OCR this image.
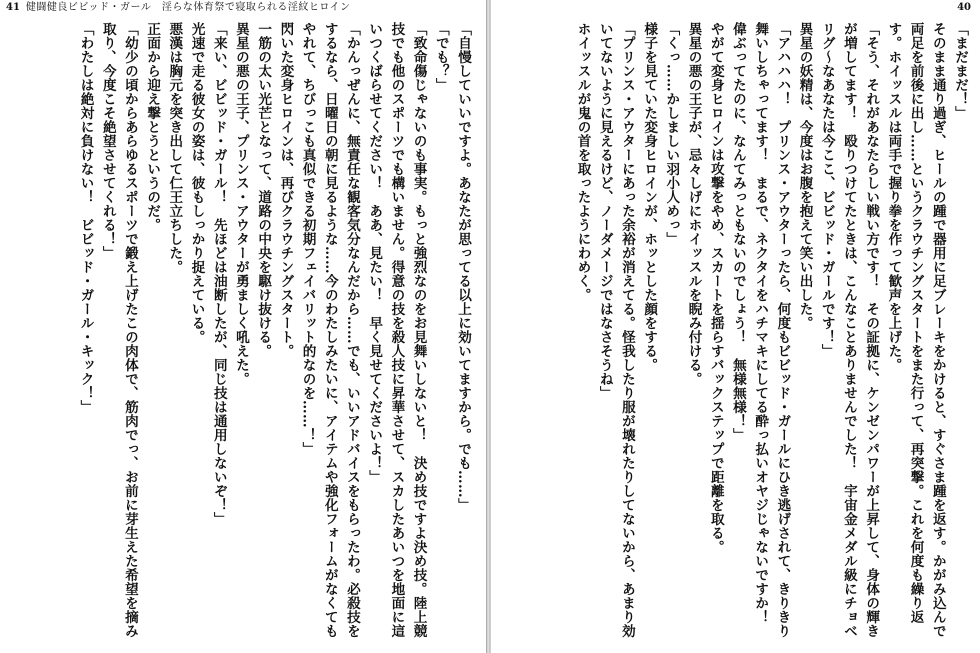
41 健闘健良ビビッド・ガール　淫らな体育祭で寝取られる淫紋ヒロイン

「自慢していいですよ。あなたが思ってる以上に効いてますから。でも……」

「でも？」

「致命傷じゃないのも事実。もっと強烈なのをお見舞いしないと！　決め技ですよ決め技。陸上競技でも他のスポーツでも構いません。得意の技を殺人技に昇華させて、スカしたあいつを地面に這いつくばらせてください！　ああ、見たい！　早く見せてくださいよ！」

「かんっぜんに、無責任な観客気分なんだから……でも、いいアドバイスをもらったわ。必殺技をするなら、日曜日の朝に見るような……今のわたしみたいに、アイテムや強化フォームがなくてもやれて、ちびっこも真似できる初期フェイバリット的なのを……！」

閃いた変身ヒロインは、再びクラウチングスタート。

一筋の太い光芒となって、道路の中央を駆け抜ける。

異星の悪の王子、プリンス・アウターが勇ましく吼えた。

「来い、ビビッド・ガール！　先ほどは油断したが、同じ技は通用しないぞ！」

光速で走る彼女の姿は、彼もしっかり捉えている。

悪漢は胸元を突き出して仁王立ちした。

正面から迎え撃とうというのだ。

「幼少の頃からあらゆるスポーツで鍛え上げたこの肉体で、筋肉でっ、お前に芽生えた希望を摘み取り、今度こそ絶望させてくれる！」

「わたしは絶対に負けない！　ビビッド・ガール・キック！」

40

「まだまだ！」

そのまま通り過ぎ、ヒールの踵で器用に足ブレーキをかけると、すぐさま踵を返す。かがみ込んで両足を前後に出し……というクラウチングスタートをまた行って、再突撃。これを何度も繰り返す。ホイッスルは両手で握り拳を作って歓声を上げた。

「そう、それがあなたらしい戦い方です！　その証拠に、ケンゼンパワーが上昇して、身体の輝きが増してます！　殴りつけてたときは、こんなことありませんでした！　宇宙金メダル級にチョベリグ～なあなたは今ここ、ビビッド・ガールです！」

異星の妖精は、今度はお腹を抱えて笑い出した。

「アハハハ！　プリンス・アウターったら、何度もビビッド・ガールにひき逃げされて、きりきり舞いしちゃってます！　まるで、ネクタイをハチマキにしてる酔っ払いオヤジじゃないですか！　偉ぶってたのに、なんてみっともないのでしょう！　無様無様！」

やがて変身ヒロインは攻撃をやめ、スカートを揺らすバックステップで距離を取る。

異星の悪の王子が、忌々しげにホイッスルを睨み付ける。

「くっ……かしましい羽小人めっ」

様子を見ていた変身ヒロインが、ホッとした顔をする。

「プリンス・アウターにあった余裕が消えてる。怪我したり服が壊れたりしてないから、あまり効いてないように見えるけど、ノーダメージではなさそうね」

ホイッスルが鬼の首を取ったようにわめく。
